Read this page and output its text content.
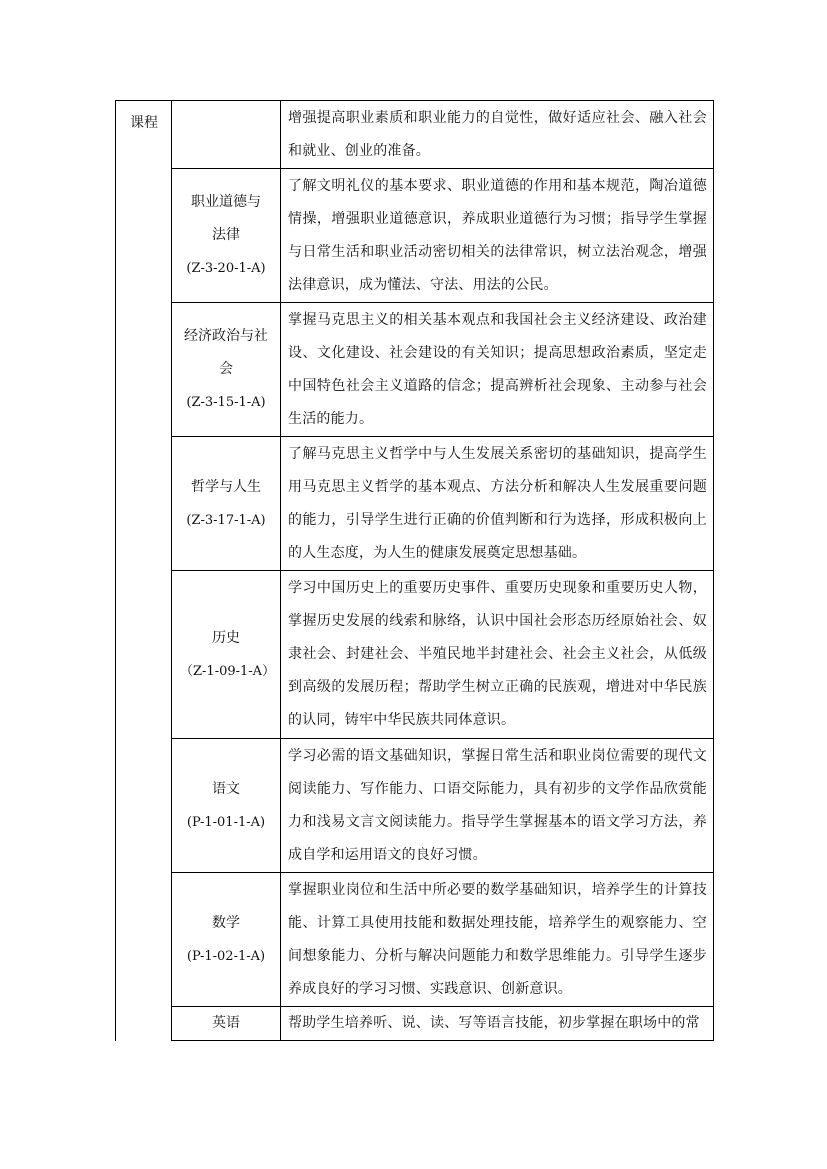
课程

	增强提高职业素质和职业能力的自觉性，做好适应社会、融入社会和就业、创业的准备。

职业道德与法律
(Z-3-20-1-A)	了解文明礼仪的基本要求、职业道德的作用和基本规范，陶冶道德情操，增强职业道德意识，养成职业道德行为习惯；指导学生掌握与日常生活和职业活动密切相关的法律常识，树立法治观念，增强法律意识，成为懂法、守法、用法的公民。

经济政治与社会
(Z-3-15-1-A)	掌握马克思主义的相关基本观点和我国社会主义经济建设、政治建设、文化建设、社会建设的有关知识；提高思想政治素质，坚定走中国特色社会主义道路的信念；提高辨析社会现象、主动参与社会生活的能力。

哲学与人生
(Z-3-17-1-A)	了解马克思主义哲学中与人生发展关系密切的基础知识，提高学生用马克思主义哲学的基本观点、方法分析和解决人生发展重要问题的能力，引导学生进行正确的价值判断和行为选择，形成积极向上的人生态度，为人生的健康发展奠定思想基础。

历史
（Z-1-09-1-A）	学习中国历史上的重要历史事件、重要历史现象和重要历史人物，掌握历史发展的线索和脉络，认识中国社会形态历经原始社会、奴隶社会、封建社会、半殖民地半封建社会、社会主义社会，从低级到高级的发展历程；帮助学生树立正确的民族观，增进对中华民族的认同，铸牢中华民族共同体意识。

语文
(P-1-01-1-A)	学习必需的语文基础知识，掌握日常生活和职业岗位需要的现代文阅读能力、写作能力、口语交际能力，具有初步的文学作品欣赏能力和浅易文言文阅读能力。指导学生掌握基本的语文学习方法，养成自学和运用语文的良好习惯。

数学
(P-1-02-1-A)	掌握职业岗位和生活中所必要的数学基础知识，培养学生的计算技能、计算工具使用技能和数据处理技能，培养学生的观察能力、空间想象能力、分析与解决问题能力和数学思维能力。引导学生逐步养成良好的学习习惯、实践意识、创新意识。

英语	帮助学生培养听、说、读、写等语言技能，初步掌握在职场中的常
